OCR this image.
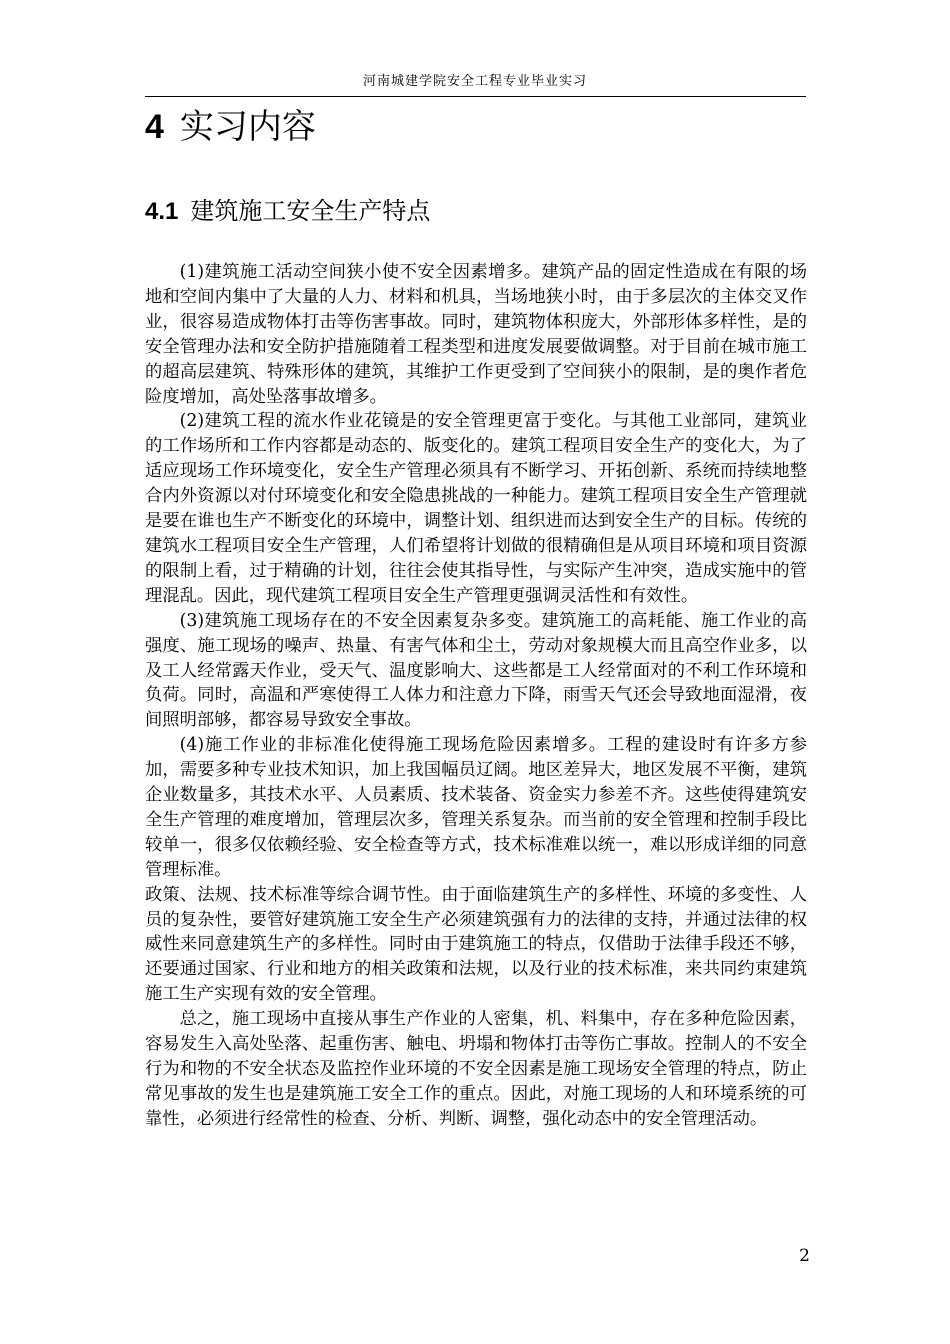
河南城建学院安全工程专业毕业实习
4 实习内容
4.1 建筑施工安全生产特点

(1)建筑施工活动空间狭小使不安全因素增多。建筑产品的固定性造成在有限的场地和空间内集中了大量的人力、材料和机具，当场地狭小时，由于多层次的主体交叉作业，很容易造成物体打击等伤害事故。同时，建筑物体积庞大，外部形体多样性，是的安全管理办法和安全防护措施随着工程类型和进度发展要做调整。对于目前在城市施工的超高层建筑、特殊形体的建筑，其维护工作更受到了空间狭小的限制，是的奥作者危险度增加，高处坠落事故增多。

(2)建筑工程的流水作业花镜是的安全管理更富于变化。与其他工业部同，建筑业的工作场所和工作内容都是动态的、版变化的。建筑工程项目安全生产的变化大，为了适应现场工作环境变化，安全生产管理必须具有不断学习、开拓创新、系统而持续地整合内外资源以对付环境变化和安全隐患挑战的一种能力。建筑工程项目安全生产管理就是要在谁也生产不断变化的环境中，调整计划、组织进而达到安全生产的目标。传统的建筑水工程项目安全生产管理，人们希望将计划做的很精确但是从项目环境和项目资源的限制上看，过于精确的计划，往往会使其指导性，与实际产生冲突，造成实施中的管理混乱。因此，现代建筑工程项目安全生产管理更强调灵活性和有效性。

(3)建筑施工现场存在的不安全因素复杂多变。建筑施工的高耗能、施工作业的高强度、施工现场的噪声、热量、有害气体和尘土，劳动对象规模大而且高空作业多，以及工人经常露天作业，受天气、温度影响大、这些都是工人经常面对的不利工作环境和负荷。同时，高温和严寒使得工人体力和注意力下降，雨雪天气还会导致地面湿滑，夜间照明部够，都容易导致安全事故。

(4)施工作业的非标准化使得施工现场危险因素增多。工程的建设时有许多方参加，需要多种专业技术知识，加上我国幅员辽阔。地区差异大，地区发展不平衡，建筑企业数量多，其技术水平、人员素质、技术装备、资金实力参差不齐。这些使得建筑安全生产管理的难度增加，管理层次多，管理关系复杂。而当前的安全管理和控制手段比较单一，很多仅依赖经验、安全检查等方式，技术标准难以统一，难以形成详细的同意管理标准。

政策、法规、技术标准等综合调节性。由于面临建筑生产的多样性、环境的多变性、人员的复杂性，要管好建筑施工安全生产必须建筑强有力的法律的支持，并通过法律的权威性来同意建筑生产的多样性。同时由于建筑施工的特点，仅借助于法律手段还不够，还要通过国家、行业和地方的相关政策和法规，以及行业的技术标准，来共同约束建筑施工生产实现有效的安全管理。

总之，施工现场中直接从事生产作业的人密集，机、料集中，存在多种危险因素，容易发生入高处坠落、起重伤害、触电、坍塌和物体打击等伤亡事故。控制人的不安全行为和物的不安全状态及监控作业环境的不安全因素是施工现场安全管理的特点，防止常见事故的发生也是建筑施工安全工作的重点。因此，对施工现场的人和环境系统的可靠性，必须进行经常性的检查、分析、判断、调整，强化动态中的安全管理活动。

2
